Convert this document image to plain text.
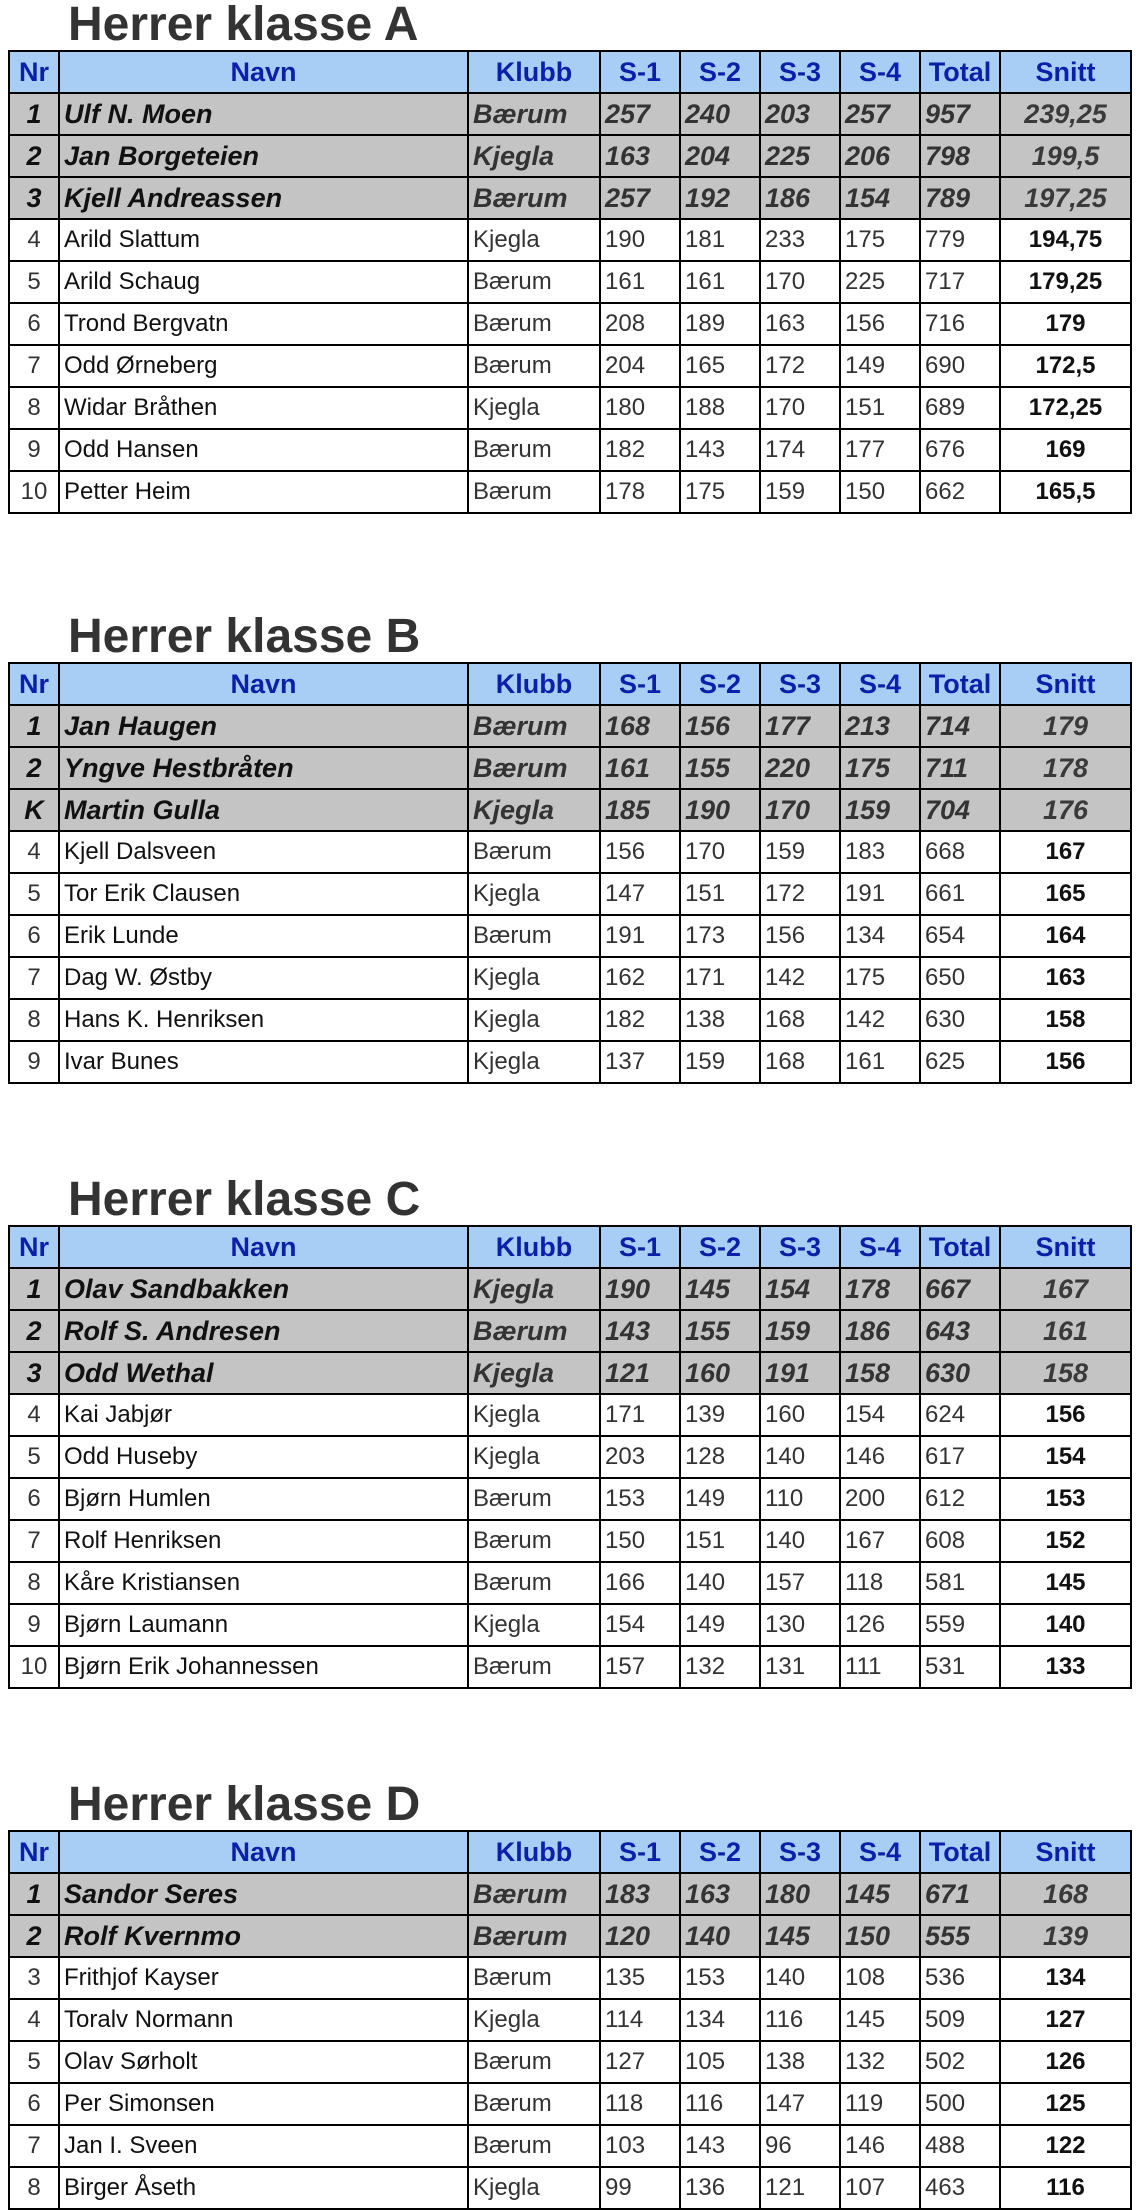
Herrer klasse A
Nr	Navn	Klubb	S-1	S-2	S-3	S-4	Total	Snitt
1	Ulf N. Moen	Bærum	257	240	203	257	957	239,25
2	Jan Borgeteien	Kjegla	163	204	225	206	798	199,5
3	Kjell Andreassen	Bærum	257	192	186	154	789	197,25
4	Arild Slattum	Kjegla	190	181	233	175	779	194,75
5	Arild Schaug	Bærum	161	161	170	225	717	179,25
6	Trond Bergvatn	Bærum	208	189	163	156	716	179
7	Odd Ørneberg	Bærum	204	165	172	149	690	172,5
8	Widar Bråthen	Kjegla	180	188	170	151	689	172,25
9	Odd Hansen	Bærum	182	143	174	177	676	169
10	Petter Heim	Bærum	178	175	159	150	662	165,5
Herrer klasse B
Nr	Navn	Klubb	S-1	S-2	S-3	S-4	Total	Snitt
1	Jan Haugen	Bærum	168	156	177	213	714	179
2	Yngve Hestbråten	Bærum	161	155	220	175	711	178
K	Martin Gulla	Kjegla	185	190	170	159	704	176
4	Kjell Dalsveen	Bærum	156	170	159	183	668	167
5	Tor Erik Clausen	Kjegla	147	151	172	191	661	165
6	Erik Lunde	Bærum	191	173	156	134	654	164
7	Dag W. Østby	Kjegla	162	171	142	175	650	163
8	Hans K. Henriksen	Kjegla	182	138	168	142	630	158
9	Ivar Bunes	Kjegla	137	159	168	161	625	156
Herrer klasse C
Nr	Navn	Klubb	S-1	S-2	S-3	S-4	Total	Snitt
1	Olav Sandbakken	Kjegla	190	145	154	178	667	167
2	Rolf S. Andresen	Bærum	143	155	159	186	643	161
3	Odd Wethal	Kjegla	121	160	191	158	630	158
4	Kai Jabjør	Kjegla	171	139	160	154	624	156
5	Odd Huseby	Kjegla	203	128	140	146	617	154
6	Bjørn Humlen	Bærum	153	149	110	200	612	153
7	Rolf Henriksen	Bærum	150	151	140	167	608	152
8	Kåre Kristiansen	Bærum	166	140	157	118	581	145
9	Bjørn Laumann	Kjegla	154	149	130	126	559	140
10	Bjørn Erik Johannessen	Bærum	157	132	131	111	531	133
Herrer klasse D
Nr	Navn	Klubb	S-1	S-2	S-3	S-4	Total	Snitt
1	Sandor Seres	Bærum	183	163	180	145	671	168
2	Rolf Kvernmo	Bærum	120	140	145	150	555	139
3	Frithjof Kayser	Bærum	135	153	140	108	536	134
4	Toralv Normann	Kjegla	114	134	116	145	509	127
5	Olav Sørholt	Bærum	127	105	138	132	502	126
6	Per Simonsen	Bærum	118	116	147	119	500	125
7	Jan I. Sveen	Bærum	103	143	96	146	488	122
8	Birger Åseth	Kjegla	99	136	121	107	463	116
